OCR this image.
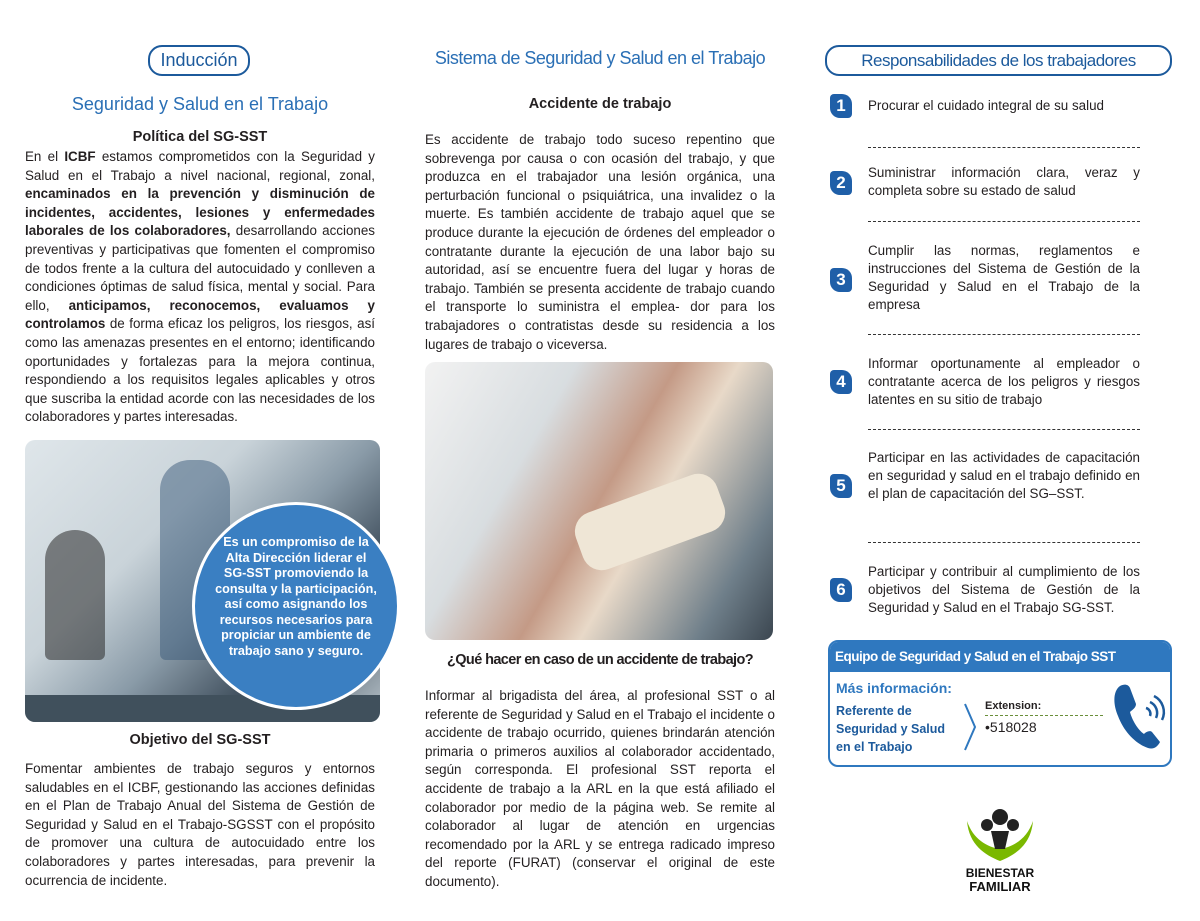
Inducción
Seguridad y Salud en el Trabajo
Política del SG-SST
En el ICBF estamos comprometidos con la Seguridad y Salud en el Trabajo a nivel nacional, regional, zonal, encaminados en la prevención y disminución de incidentes, accidentes, lesiones y enfermedades laborales de los colaboradores, desarrollando acciones preventivas y participativas que fomenten el compromiso de todos frente a la cultura del autocuidado y conlleven a condiciones óptimas de salud física, mental y social. Para ello, anticipamos, reconocemos, evaluamos y controlamos de forma eficaz los peligros, los riesgos, así como las amenazas presentes en el entorno; identificando oportunidades y fortalezas para la mejora continua, respondiendo a los requisitos legales aplicables y otros que suscriba la entidad acorde con las necesidades de los colaboradores y partes interesadas.
Es un compromiso de la Alta Dirección liderar el SG-SST promoviendo la consulta y la participación, así como asignando los recursos necesarios para propiciar un ambiente de trabajo sano y seguro.
Objetivo del SG-SST
Fomentar ambientes de trabajo seguros y entornos saludables en el ICBF, gestionando las acciones definidas en el Plan de Trabajo Anual del Sistema de Gestión de Seguridad y Salud en el Trabajo-SGSST con el propósito de promover una cultura de autocuidado entre los colaboradores y partes interesadas, para prevenir la ocurrencia de incidente.
Sistema de Seguridad y Salud en el Trabajo
Accidente de trabajo
Es accidente de trabajo todo suceso repentino que sobrevenga por causa o con ocasión del trabajo, y que produzca en el trabajador una lesión orgánica, una perturbación funcional o psiquiátrica, una invalidez o la muerte. Es también accidente de trabajo aquel que se produce durante la ejecución de órdenes del empleador o contratante durante la ejecución de una labor bajo su autoridad, así se encuentre fuera del lugar y horas de trabajo. También se presenta accidente de trabajo cuando el transporte lo suministra el emplea- dor para los trabajadores o contratistas desde su residencia a los lugares de trabajo o viceversa.
¿Qué hacer en caso de un accidente de trabajo?
Informar al brigadista del área, al profesional SST o al referente de Seguridad y Salud en el Trabajo el incidente o accidente de trabajo ocurrido, quienes brindarán atención primaria o primeros auxilios al colaborador accidentado, según corresponda. El profesional SST reporta el accidente de trabajo a la ARL en la que está afiliado el colaborador por medio de la página web. Se remite al colaborador al lugar de atención en urgencias recomendado por la ARL y se entrega radicado impreso del reporte (FURAT) (conservar el original de este documento).
Responsabilidades de los trabajadores
1	Procurar el cuidado integral de su salud
2
Suministrar información clara, veraz y completa sobre su estado de salud
3
Cumplir las normas, reglamentos e instrucciones del Sistema de Gestión de la Seguridad y Salud en el Trabajo de la empresa
4
Informar oportunamente al empleador o contratante acerca de los peligros y riesgos latentes en su sitio de trabajo
5
Participar en las actividades de capacitación en seguridad y salud en el trabajo definido en el plan de capacitación del SG–SST.
6
Participar y contribuir al cumplimiento de los objetivos del Sistema de Gestión de la Seguridad y Salud en el Trabajo SG-SST.
Equipo de Seguridad y Salud en el Trabajo SST
Más información:
Referente de Seguridad y Salud en el Trabajo
Extension:
•518028
BIENESTAR
FAMILIAR
